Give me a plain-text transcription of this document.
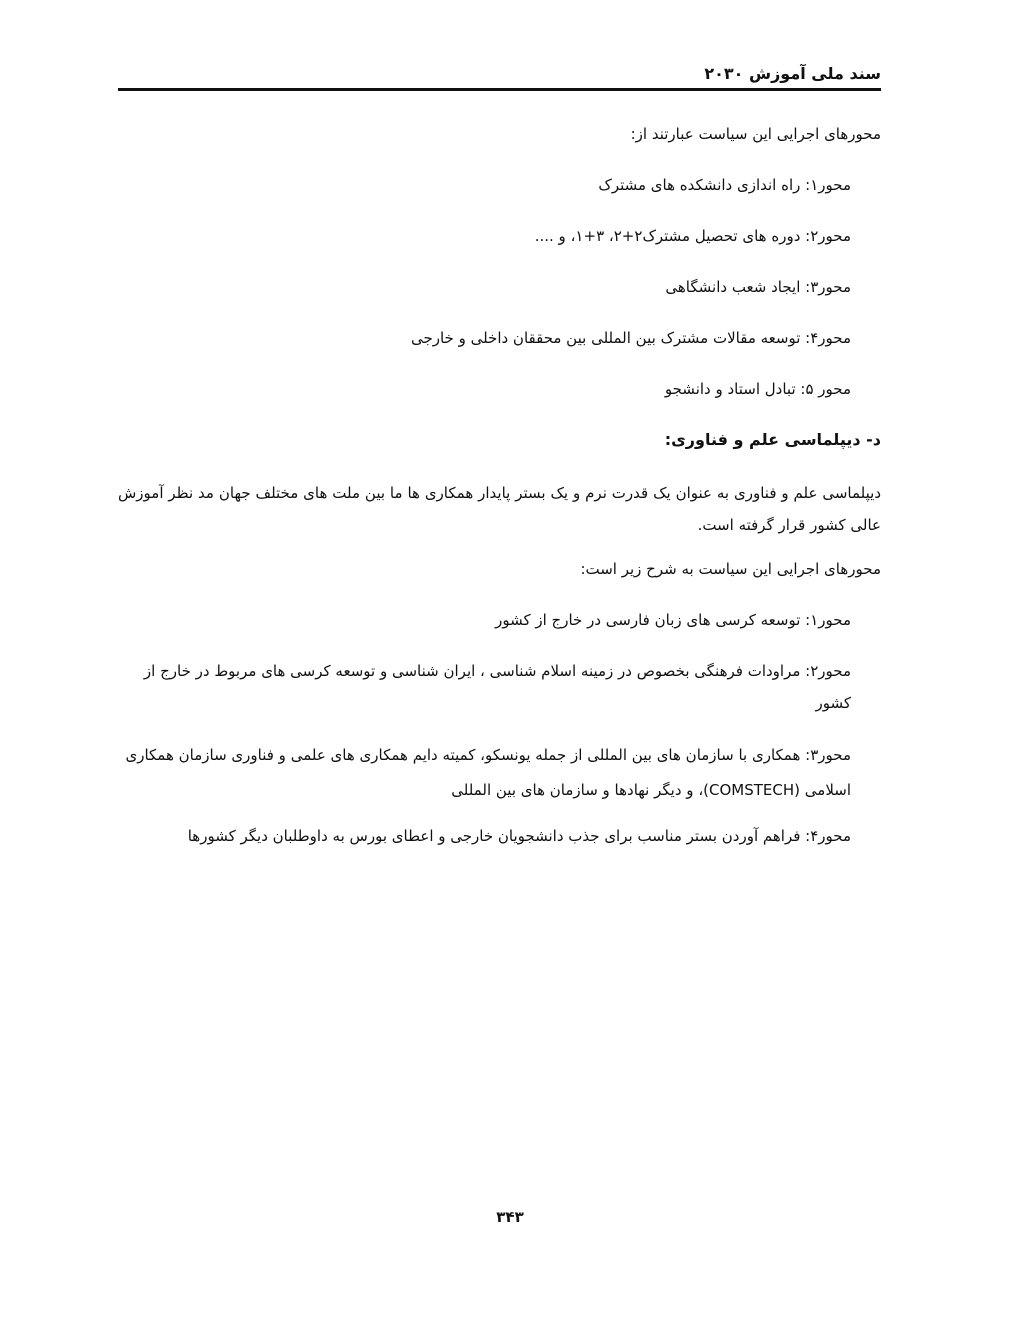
سند ملی آموزش ۲۰۳۰

محورهای اجرایی این سیاست عبارتند از:

محور۱: راه اندازی دانشکده های مشترک

محور۲: دوره های تحصیل مشترک۲+۲، ۳+۱، و ....

محور۳: ایجاد شعب دانشگاهی

محور۴: توسعه مقالات مشترک بین المللی بین محققان داخلی و خارجی

محور ۵: تبادل استاد و دانشجو

د- دیپلماسی علم و فناوری:

دیپلماسی علم و فناوری به عنوان یک قدرت نرم و یک بستر پایدار همکاری ها ما بین ملت های مختلف جهان مد نظر آموزش عالی کشور قرار گرفته است.

محورهای اجرایی این سیاست به شرح زیر است:

محور۱: توسعه کرسی های زبان فارسی در خارج از کشور

محور۲: مراودات فرهنگی بخصوص در زمینه اسلام شناسی ، ایران شناسی و توسعه کرسی های مربوط در خارج از کشور

محور۳: همکاری با سازمان های بین المللی از جمله یونسکو، کمیته دایم همکاری های علمی و فناوری سازمان همکاری اسلامی (COMSTECH)، و دیگر نهادها و سازمان های بین المللی

محور۴: فراهم آوردن بستر مناسب برای جذب دانشجویان خارجی و اعطای بورس به داوطلبان دیگر کشورها

۳۴۳
